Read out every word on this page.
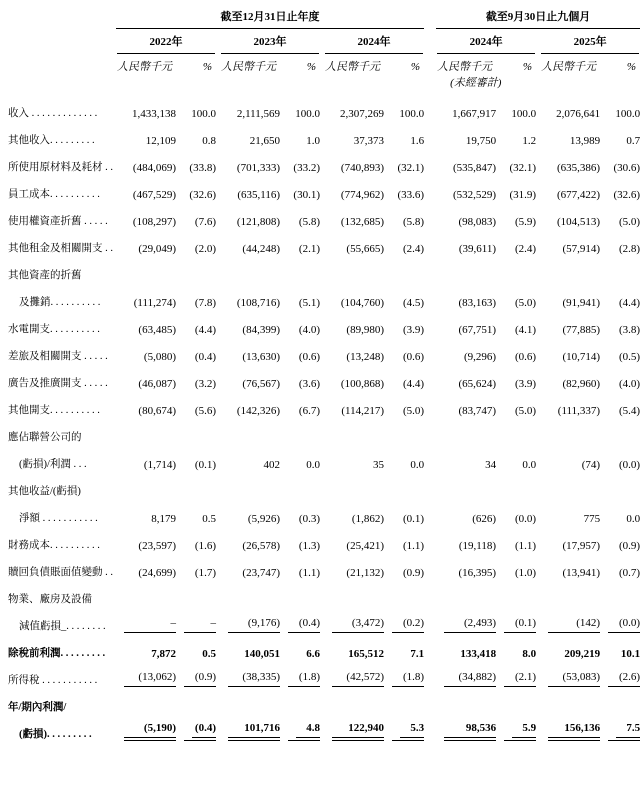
	截至12月31日止年度							截至9月30日止九個月			

	2022年		2023年		2024年			2024年		2025年	

	人民幣千元	%	人民幣千元	%	人民幣千元	%		人民幣千元	%	人民幣千元	%
								(未經審計)			
收入 . . . . . . . . . . . . .	1,433,138	100.0	2,111,569	100.0	2,307,269	100.0		1,667,917	100.0	2,076,641	100.0
其他收入. . . . . . . . .	12,109	0.8	21,650	1.0	37,373	1.6		19,750	1.2	13,989	0.7
所使用原材料及耗材 . .	(484,069)	(33.8)	(701,333)	(33.2)	(740,893)	(32.1)		(535,847)	(32.1)	(635,386)	(30.6)
員工成本. . . . . . . . . .	(467,529)	(32.6)	(635,116)	(30.1)	(774,962)	(33.6)		(532,529)	(31.9)	(677,422)	(32.6)
使用權資產折舊 . . . . .	(108,297)	(7.6)	(121,808)	(5.8)	(132,685)	(5.8)		(98,083)	(5.9)	(104,513)	(5.0)
其他租金及相關開支 . .	(29,049)	(2.0)	(44,248)	(2.1)	(55,665)	(2.4)		(39,611)	(2.4)	(57,914)	(2.8)
其他資產的折舊											
及攤銷. . . . . . . . . .	(111,274)	(7.8)	(108,716)	(5.1)	(104,760)	(4.5)		(83,163)	(5.0)	(91,941)	(4.4)
水電開支. . . . . . . . . .	(63,485)	(4.4)	(84,399)	(4.0)	(89,980)	(3.9)		(67,751)	(4.1)	(77,885)	(3.8)
差旅及相關開支 . . . . .	(5,080)	(0.4)	(13,630)	(0.6)	(13,248)	(0.6)		(9,296)	(0.6)	(10,714)	(0.5)
廣告及推廣開支 . . . . .	(46,087)	(3.2)	(76,567)	(3.6)	(100,868)	(4.4)		(65,624)	(3.9)	(82,960)	(4.0)
其他開支. . . . . . . . . .	(80,674)	(5.6)	(142,326)	(6.7)	(114,217)	(5.0)		(83,747)	(5.0)	(111,337)	(5.4)
應佔聯營公司的											
(虧損)/利潤 . . .	(1,714)	(0.1)	402	0.0	35	0.0		34	0.0	(74)	(0.0)
其他收益/(虧損)											
淨額 . . . . . . . . . . .	8,179	0.5	(5,926)	(0.3)	(1,862)	(0.1)		(626)	(0.0)	775	0.0
財務成本. . . . . . . . . .	(23,597)	(1.6)	(26,578)	(1.3)	(25,421)	(1.1)		(19,118)	(1.1)	(17,957)	(0.9)
贖回負債賬面值變動 . .	(24,699)	(1.7)	(23,747)	(1.1)	(21,132)	(0.9)		(16,395)	(1.0)	(13,941)	(0.7)
物業、廠房及設備											
減值虧損_. . . . . . . .	–	–	(9,176)	(0.4)	(3,472)	(0.2)		(2,493)	(0.1)	(142)	(0.0)

除稅前利潤. . . . . . . . .	7,872	0.5	140,051	6.6	165,512	7.1		133,418	8.0	209,219	10.1
所得稅 . . . . . . . . . . .	(13,062)	(0.9)	(38,335)	(1.8)	(42,572)	(1.8)		(34,882)	(2.1)	(53,083)	(2.6)

年/期內利潤/											
(虧損). . . . . . . . .	(5,190)	(0.4)	101,716	4.8	122,940	5.3		98,536	5.9	156,136	7.5
